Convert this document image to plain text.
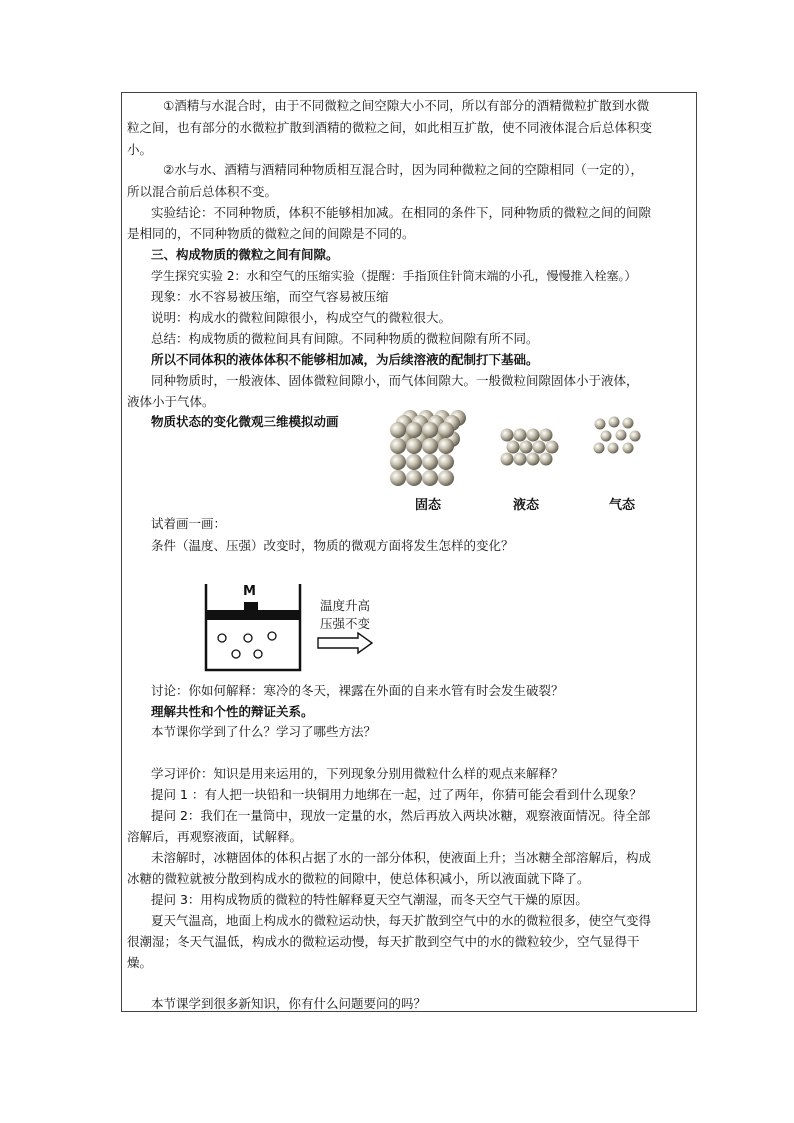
①酒精与水混合时，由于不同微粒之间空隙大小不同，所以有部分的酒精微粒扩散到水微
粒之间，也有部分的水微粒扩散到酒精的微粒之间，如此相互扩散，使不同液体混合后总体积变
小。
②水与水、酒精与酒精同种物质相互混合时，因为同种微粒之间的空隙相同（一定的），
所以混合前后总体积不变。
实验结论：不同种物质，体积不能够相加减。在相同的条件下，同种物质的微粒之间的间隙
是相同的，不同种物质的微粒之间的间隙是不同的。
三、构成物质的微粒之间有间隙。
学生探究实验 2：水和空气的压缩实验（提醒：手指顶住针筒末端的小孔，慢慢推入栓塞。）
现象：水不容易被压缩，而空气容易被压缩
说明：构成水的微粒间隙很小，构成空气的微粒很大。
总结：构成物质的微粒间具有间隙。不同种物质的微粒间隙有所不同。
所以不同体积的液体体积不能够相加减，为后续溶液的配制打下基础。
同种物质时，一般液体、固体微粒间隙小，而气体间隙大。一般微粒间隙固体小于液体，
液体小于气体。
物质状态的变化微观三维模拟动画
固态	液态	气态
试着画一画：
条件（温度、压强）改变时，物质的微观方面将发生怎样的变化？
M
温度升高
压强不变
讨论：你如何解释：寒冷的冬天，裸露在外面的自来水管有时会发生破裂？
理解共性和个性的辩证关系。
本节课你学到了什么？学习了哪些方法？
学习评价：知识是用来运用的，下列现象分别用微粒什么样的观点来解释？
提问 1 ：有人把一块铅和一块铜用力地绑在一起，过了两年，你猜可能会看到什么现象？
提问 2：我们在一量筒中，现放一定量的水，然后再放入两块冰糖，观察液面情况。待全部
溶解后，再观察液面，试解释。
未溶解时，冰糖固体的体积占据了水的一部分体积，使液面上升；当冰糖全部溶解后，构成
冰糖的微粒就被分散到构成水的微粒的间隙中，使总体积减小，所以液面就下降了。
提问 3：用构成物质的微粒的特性解释夏天空气潮湿，而冬天空气干燥的原因。
夏天气温高，地面上构成水的微粒运动快，每天扩散到空气中的水的微粒很多，使空气变得
很潮湿；冬天气温低，构成水的微粒运动慢，每天扩散到空气中的水的微粒较少，空气显得干
燥。
本节课学到很多新知识，你有什么问题要问的吗？
